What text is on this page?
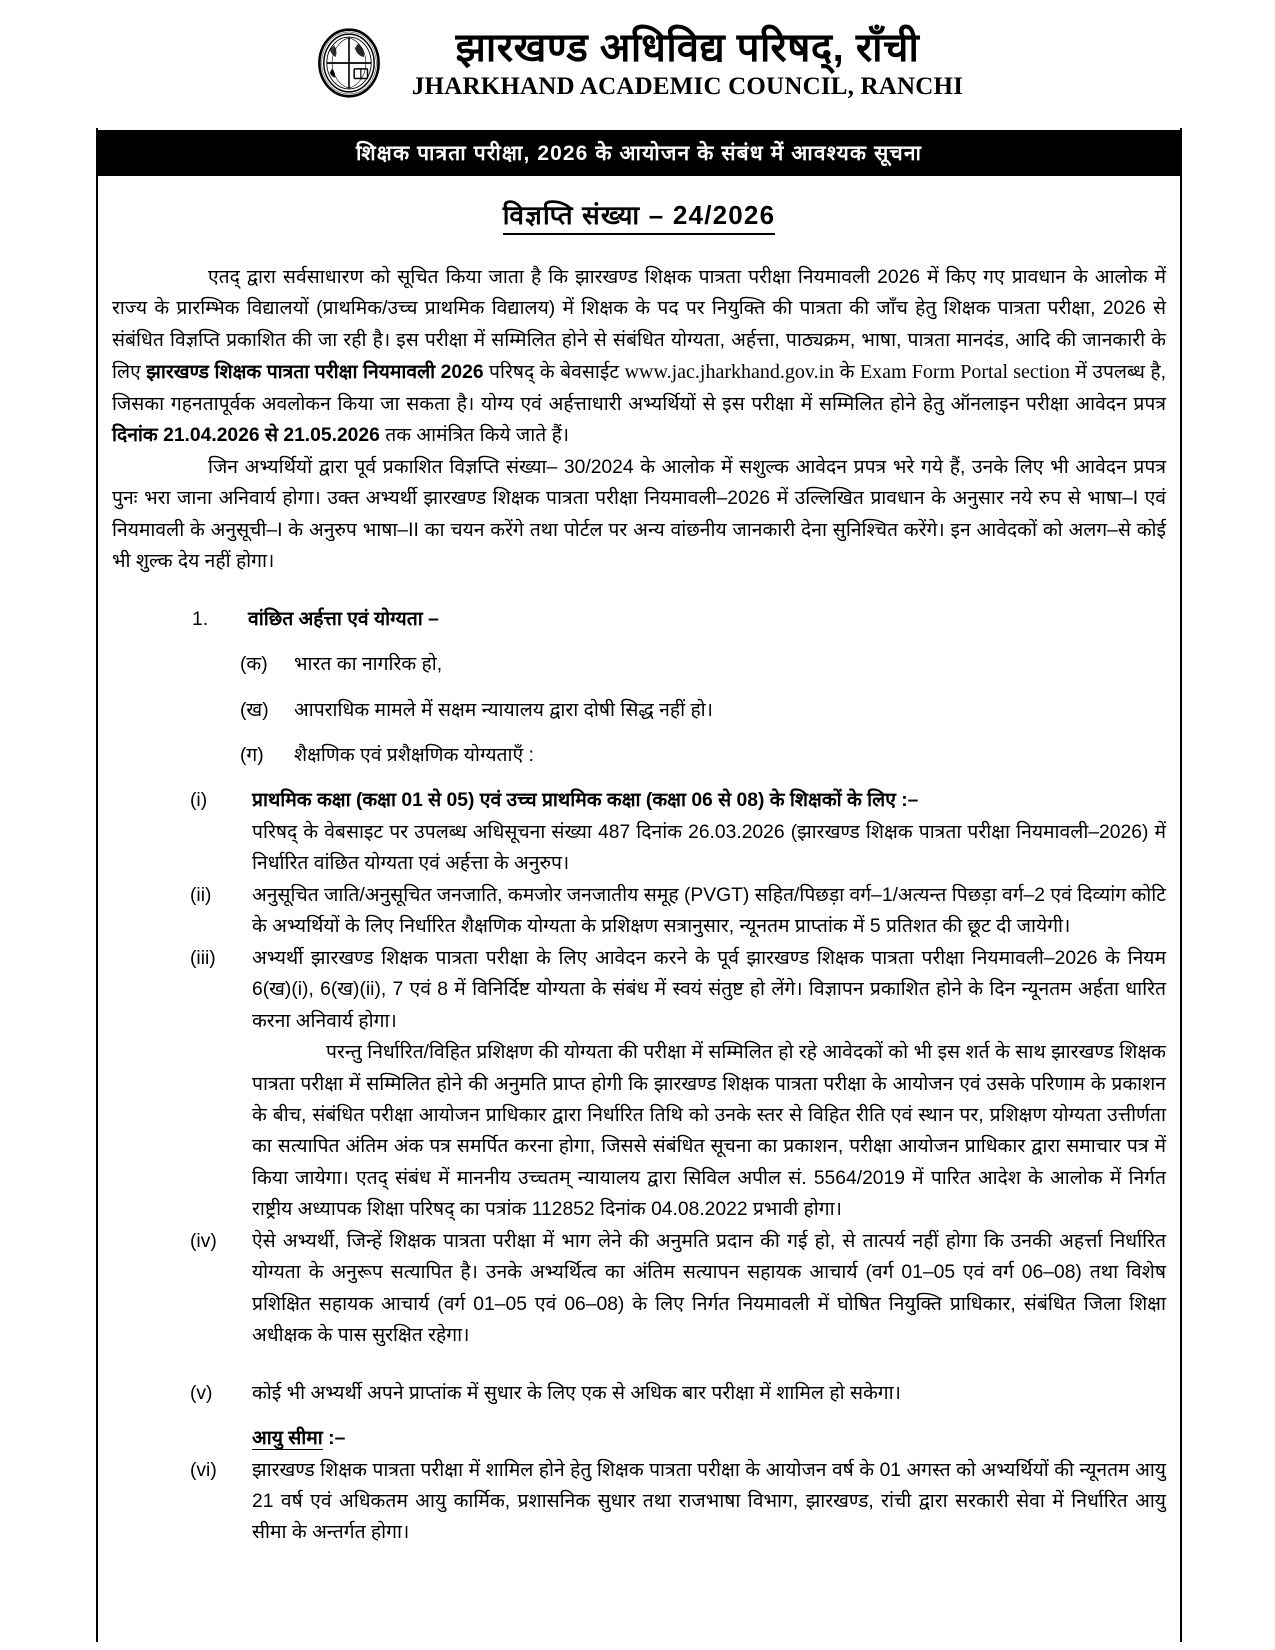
झारखण्ड अधिविद्य परिषद्, राँची
JHARKHAND ACADEMIC COUNCIL, RANCHI
शिक्षक पात्रता परीक्षा, 2026 के आयोजन के संबंध में आवश्यक सूचना
विज्ञप्ति संख्या – 24/2026

एतद् द्वारा सर्वसाधारण को सूचित किया जाता है कि झारखण्ड शिक्षक पात्रता परीक्षा नियमावली 2026 में किए गए प्रावधान के आलोक में राज्य के प्रारम्भिक विद्यालयों (प्राथमिक/उच्च प्राथमिक विद्यालय) में शिक्षक के पद पर नियुक्ति की पात्रता की जाँच हेतु शिक्षक पात्रता परीक्षा, 2026 से संबंधित विज्ञप्ति प्रकाशित की जा रही है। इस परीक्षा में सम्मिलित होने से संबंधित योग्यता, अर्हत्ता, पाठ्यक्रम, भाषा, पात्रता मानदंड, आदि की जानकारी के लिए झारखण्ड शिक्षक पात्रता परीक्षा नियमावली 2026 परिषद् के बेवसाईट www.jac.jharkhand.gov.in के Exam Form Portal section में उपलब्ध है, जिसका गहनतापूर्वक अवलोकन किया जा सकता है। योग्य एवं अर्हत्ताधारी अभ्यर्थियों से इस परीक्षा में सम्मिलित होने हेतु ऑनलाइन परीक्षा आवेदन प्रपत्र दिनांक 21.04.2026 से 21.05.2026 तक आमंत्रित किये जाते हैं।

जिन अभ्यर्थियों द्वारा पूर्व प्रकाशित विज्ञप्ति संख्या– 30/2024 के आलोक में सशुल्क आवेदन प्रपत्र भरे गये हैं, उनके लिए भी आवेदन प्रपत्र पुनः भरा जाना अनिवार्य होगा। उक्त अभ्यर्थी झारखण्ड शिक्षक पात्रता परीक्षा नियमावली–2026 में उल्लिखित प्रावधान के अनुसार नये रुप से भाषा–I एवं नियमावली के अनुसूची–I के अनुरुप भाषा–II का चयन करेंगे तथा पोर्टल पर अन्य वांछनीय जानकारी देना सुनिश्चित करेंगे। इन आवेदकों को अलग–से कोई भी शुल्क देय नहीं होगा।

1.	वांछित अर्हत्ता एवं योग्यता –
(क)	भारत का नागरिक हो,
(ख)	आपराधिक मामले में सक्षम न्यायालय द्वारा दोषी सिद्ध नहीं हो।
(ग)	शैक्षणिक एवं प्रशैक्षणिक योग्यताएँ :
(i)	प्राथमिक कक्षा (कक्षा 01 से 05) एवं उच्च प्राथमिक कक्षा (कक्षा 06 से 08) के शिक्षकों के लिए :–
परिषद् के वेबसाइट पर उपलब्ध अधिसूचना संख्या 487 दिनांक 26.03.2026 (झारखण्ड शिक्षक पात्रता परीक्षा नियमावली–2026) में निर्धारित वांछित योग्यता एवं अर्हत्ता के अनुरुप।
(ii)	अनुसूचित जाति/अनुसूचित जनजाति, कमजोर जनजातीय समूह (PVGT) सहित/पिछड़ा वर्ग–1/अत्यन्त पिछड़ा वर्ग–2 एवं दिव्यांग कोटि के अभ्यर्थियों के लिए निर्धारित शैक्षणिक योग्यता के प्रशिक्षण सत्रानुसार, न्यूनतम प्राप्तांक में 5 प्रतिशत की छूट दी जायेगी।
(iii)	अभ्यर्थी झारखण्ड शिक्षक पात्रता परीक्षा के लिए आवेदन करने के पूर्व झारखण्ड शिक्षक पात्रता परीक्षा नियमावली–2026 के नियम 6(ख)(i), 6(ख)(ii), 7 एवं 8 में विनिर्दिष्ट योग्यता के संबंध में स्वयं संतुष्ट हो लेंगे। विज्ञापन प्रकाशित होने के दिन न्यूनतम अर्हता धारित करना अनिवार्य होगा।
परन्तु निर्धारित/विहित प्रशिक्षण की योग्यता की परीक्षा में सम्मिलित हो रहे आवेदकों को भी इस शर्त के साथ झारखण्ड शिक्षक पात्रता परीक्षा में सम्मिलित होने की अनुमति प्राप्त होगी कि झारखण्ड शिक्षक पात्रता परीक्षा के आयोजन एवं उसके परिणाम के प्रकाशन के बीच, संबंधित परीक्षा आयोजन प्राधिकार द्वारा निर्धारित तिथि को उनके स्तर से विहित रीति एवं स्थान पर, प्रशिक्षण योग्यता उत्तीर्णता का सत्यापित अंतिम अंक पत्र समर्पित करना होगा, जिससे संबंधित सूचना का प्रकाशन, परीक्षा आयोजन प्राधिकार द्वारा समाचार पत्र में किया जायेगा। एतद् संबंध में माननीय उच्चतम् न्यायालय द्वारा सिविल अपील सं. 5564/2019 में पारित आदेश के आलोक में निर्गत राष्ट्रीय अध्यापक शिक्षा परिषद् का पत्रांक 112852 दिनांक 04.08.2022 प्रभावी होगा।
(iv)	ऐसे अभ्यर्थी, जिन्हें शिक्षक पात्रता परीक्षा में भाग लेने की अनुमति प्रदान की गई हो, से तात्पर्य नहीं होगा कि उनकी अहर्त्ता निर्धारित योग्यता के अनुरूप सत्यापित है। उनके अभ्यर्थित्व का अंतिम सत्यापन सहायक आचार्य (वर्ग 01–05 एवं वर्ग 06–08) तथा विशेष प्रशिक्षित सहायक आचार्य (वर्ग 01–05 एवं 06–08) के लिए निर्गत नियमावली में घोषित नियुक्ति प्राधिकार, संबंधित जिला शिक्षा अधीक्षक के पास सुरक्षित रहेगा।
(v)	कोई भी अभ्यर्थी अपने प्राप्तांक में सुधार के लिए एक से अधिक बार परीक्षा में शामिल हो सकेगा।
आयु सीमा :–
(vi)	झारखण्ड शिक्षक पात्रता परीक्षा में शामिल होने हेतु शिक्षक पात्रता परीक्षा के आयोजन वर्ष के 01 अगस्त को अभ्यर्थियों की न्यूनतम आयु 21 वर्ष एवं अधिकतम आयु कार्मिक, प्रशासनिक सुधार तथा राजभाषा विभाग, झारखण्ड, रांची द्वारा सरकारी सेवा में निर्धारित आयु सीमा के अन्तर्गत होगा।
